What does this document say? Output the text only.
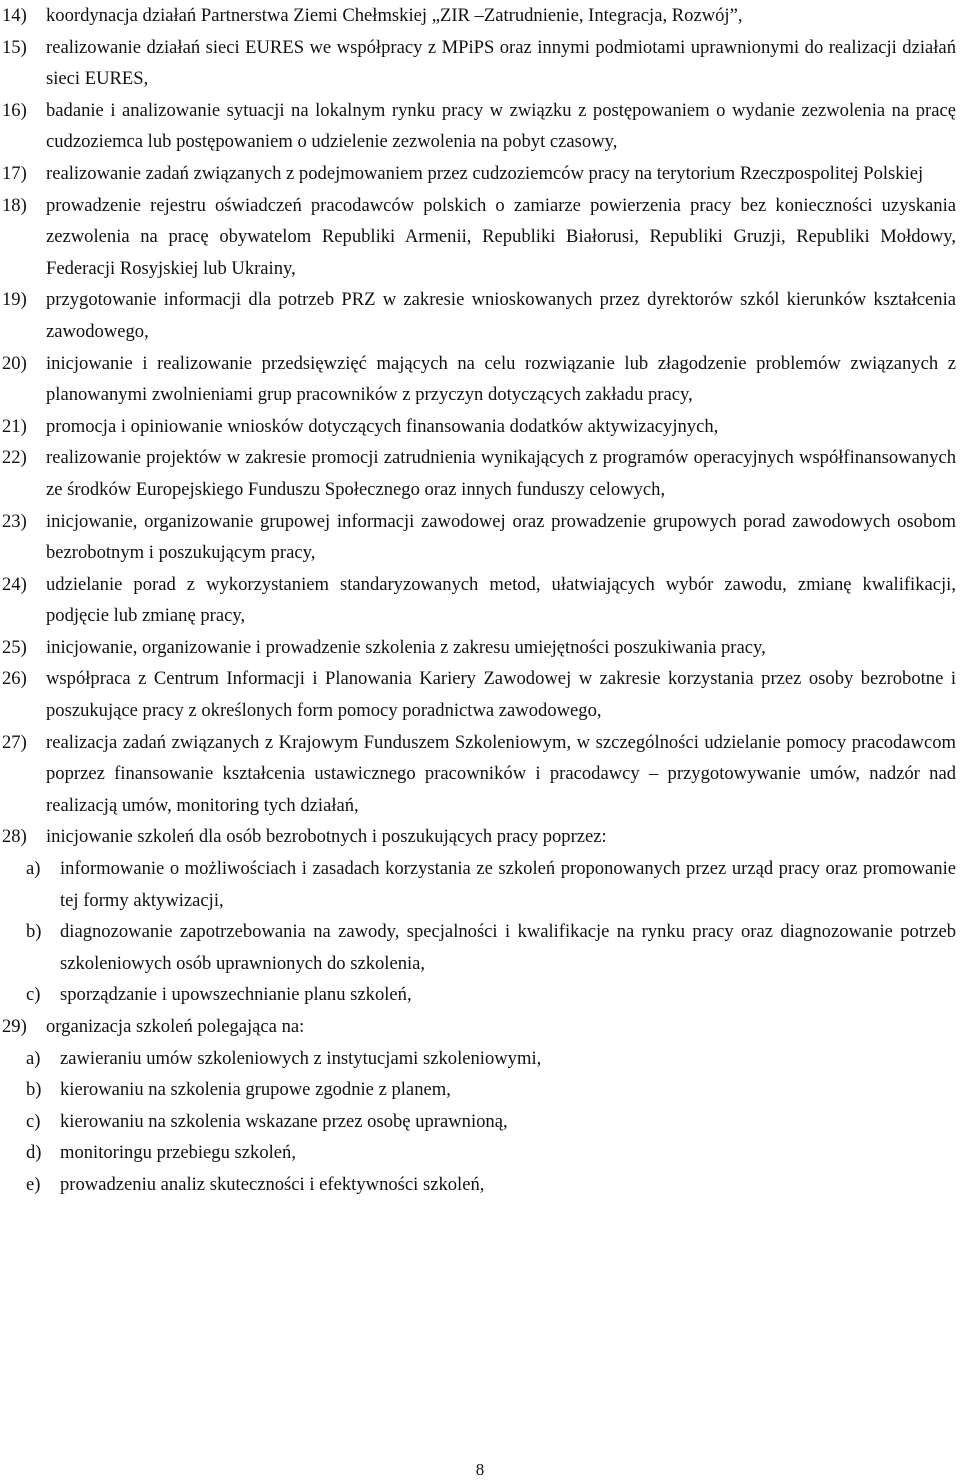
14) koordynacja działań Partnerstwa Ziemi Chełmskiej „ZIR –Zatrudnienie, Integracja, Rozwój”,
15) realizowanie działań sieci EURES we współpracy z MPiPS oraz innymi podmiotami uprawnionymi do realizacji działań sieci EURES,
16) badanie i analizowanie sytuacji na lokalnym rynku pracy w związku z postępowaniem o wydanie zezwolenia na pracę cudzoziemca lub postępowaniem o udzielenie zezwolenia na pobyt czasowy,
17) realizowanie zadań związanych z podejmowaniem przez cudzoziemców pracy na terytorium Rzeczpospolitej Polskiej
18) prowadzenie rejestru oświadczeń pracodawców polskich o zamiarze powierzenia pracy bez konieczności uzyskania zezwolenia na pracę obywatelom Republiki Armenii, Republiki Białorusi, Republiki Gruzji, Republiki Mołdowy, Federacji Rosyjskiej lub Ukrainy,
19) przygotowanie informacji dla potrzeb PRZ w zakresie wnioskowanych przez dyrektorów szkól kierunków kształcenia zawodowego,
20) inicjowanie i realizowanie przedsięwzięć mających na celu rozwiązanie lub złagodzenie problemów związanych z planowanymi zwolnieniami grup pracowników z przyczyn dotyczących zakładu pracy,
21) promocja i opiniowanie wniosków dotyczących finansowania dodatków aktywizacyjnych,
22) realizowanie projektów w zakresie promocji zatrudnienia wynikających z programów operacyjnych współfinansowanych ze środków Europejskiego Funduszu Społecznego oraz innych funduszy celowych,
23) inicjowanie, organizowanie grupowej informacji zawodowej oraz prowadzenie grupowych porad zawodowych osobom bezrobotnym i poszukującym pracy,
24) udzielanie porad z wykorzystaniem standaryzowanych metod, ułatwiających wybór zawodu, zmianę kwalifikacji, podjęcie lub zmianę pracy,
25) inicjowanie, organizowanie i prowadzenie szkolenia z zakresu umiejętności poszukiwania pracy,
26) współpraca z Centrum Informacji i Planowania Kariery Zawodowej w zakresie korzystania przez osoby bezrobotne i poszukujące pracy z określonych form pomocy poradnictwa zawodowego,
27) realizacja zadań związanych z Krajowym Funduszem Szkoleniowym, w szczególności udzielanie pomocy pracodawcom poprzez finansowanie kształcenia ustawicznego pracowników i pracodawcy – przygotowywanie umów, nadzór nad realizacją umów, monitoring tych działań,
28) inicjowanie szkoleń dla osób bezrobotnych i poszukujących pracy poprzez:
a) informowanie o możliwościach i zasadach korzystania ze szkoleń proponowanych przez urząd pracy oraz promowanie tej formy aktywizacji,
b) diagnozowanie zapotrzebowania na zawody, specjalności i kwalifikacje na rynku pracy oraz diagnozowanie potrzeb szkoleniowych osób uprawnionych do szkolenia,
c) sporządzanie i upowszechnianie planu szkoleń,
29) organizacja szkoleń polegająca na:
a) zawieraniu umów szkoleniowych z instytucjami szkoleniowymi,
b) kierowaniu na szkolenia grupowe zgodnie z planem,
c) kierowaniu na szkolenia wskazane przez osobę uprawnioną,
d) monitoringu przebiegu szkoleń,
e) prowadzeniu analiz skuteczności i efektywności szkoleń,
8
